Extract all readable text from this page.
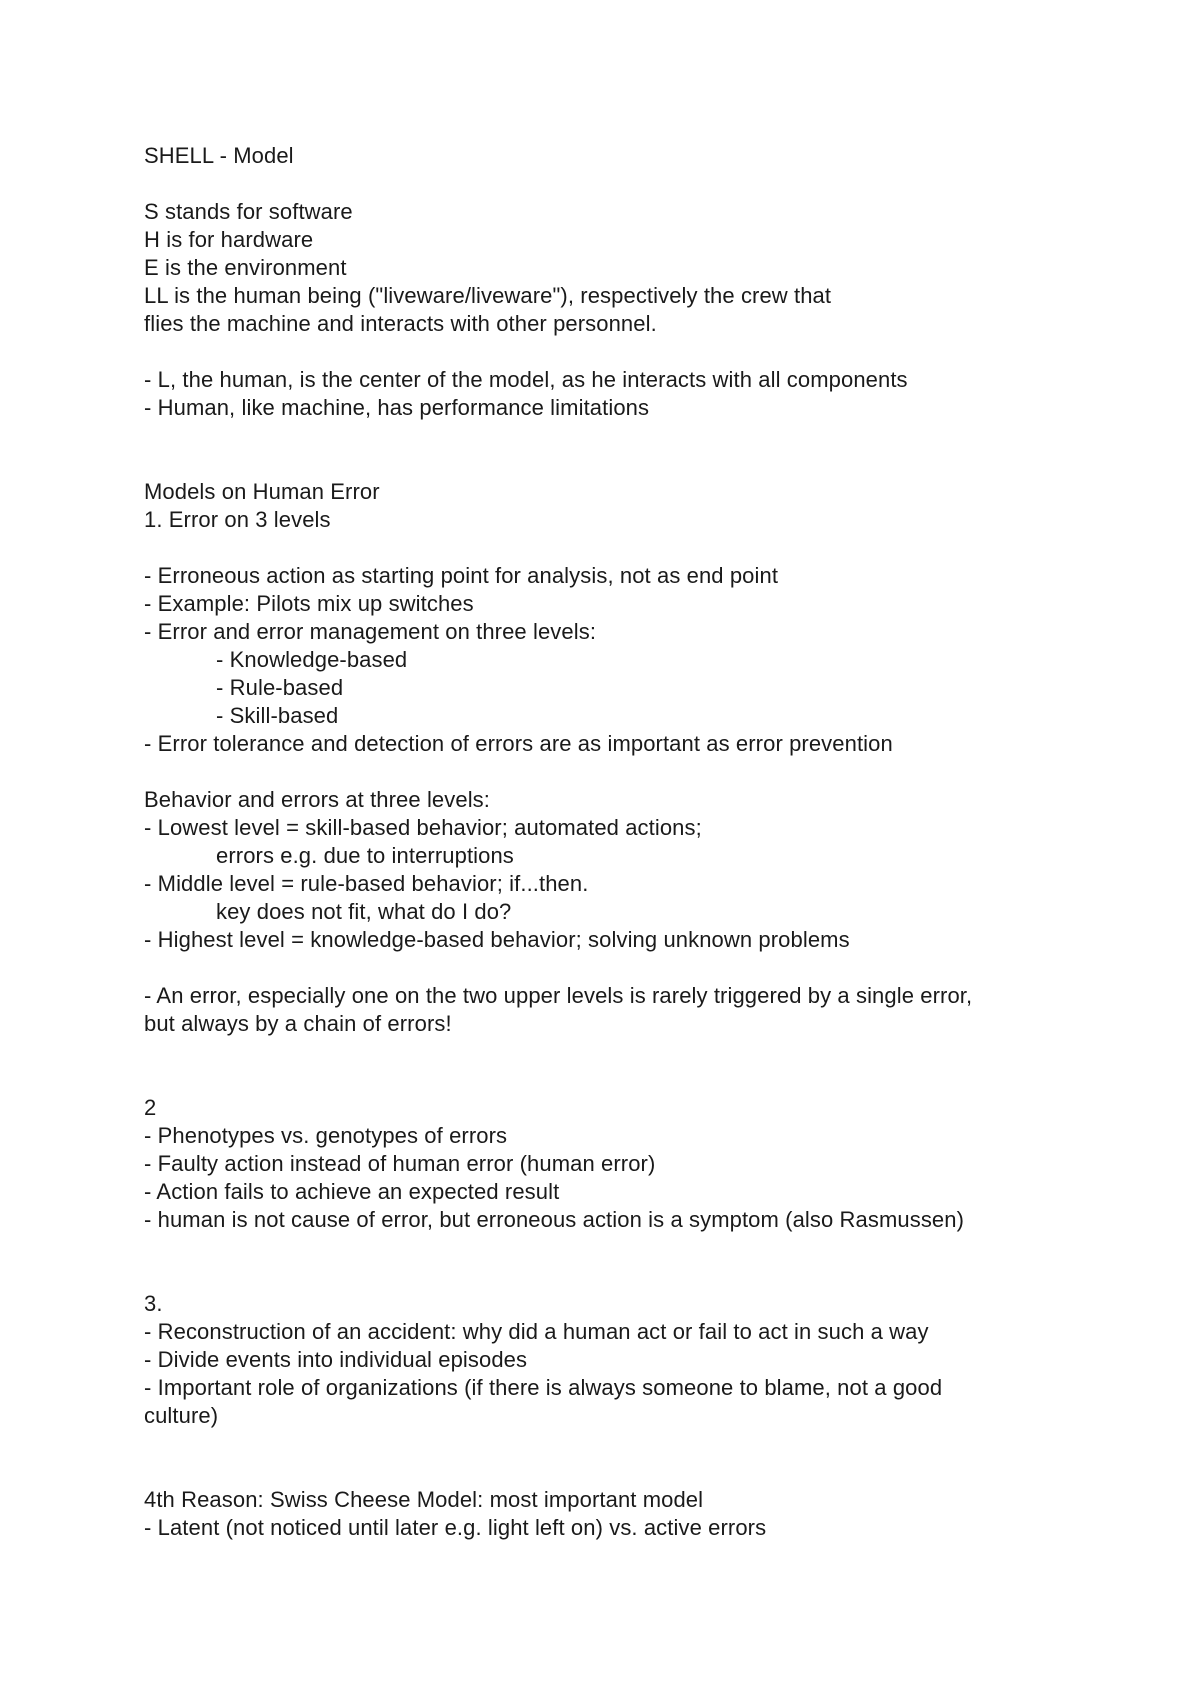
SHELL - Model
S stands for software
H is for hardware
E is the environment
LL is the human being ("liveware/liveware"), respectively the crew that
flies the machine and interacts with other personnel.
- L, the human, is the center of the model, as he interacts with all components
- Human, like machine, has performance limitations
Models on Human Error
1. Error on 3 levels
- Erroneous action as starting point for analysis, not as end point
- Example: Pilots mix up switches
- Error and error management on three levels:
- Knowledge-based
- Rule-based
- Skill-based
- Error tolerance and detection of errors are as important as error prevention
Behavior and errors at three levels:
- Lowest level = skill-based behavior; automated actions;
errors e.g. due to interruptions
- Middle level = rule-based behavior; if...then.
key does not fit, what do I do?
- Highest level = knowledge-based behavior; solving unknown problems
- An error, especially one on the two upper levels is rarely triggered by a single error,
but always by a chain of errors!
2
- Phenotypes vs. genotypes of errors
- Faulty action instead of human error (human error)
- Action fails to achieve an expected result
- human is not cause of error, but erroneous action is a symptom (also Rasmussen)
3.
- Reconstruction of an accident: why did a human act or fail to act in such a way
- Divide events into individual episodes
- Important role of organizations (if there is always someone to blame, not a good
culture)
4th Reason: Swiss Cheese Model: most important model
- Latent (not noticed until later e.g. light left on) vs. active errors
